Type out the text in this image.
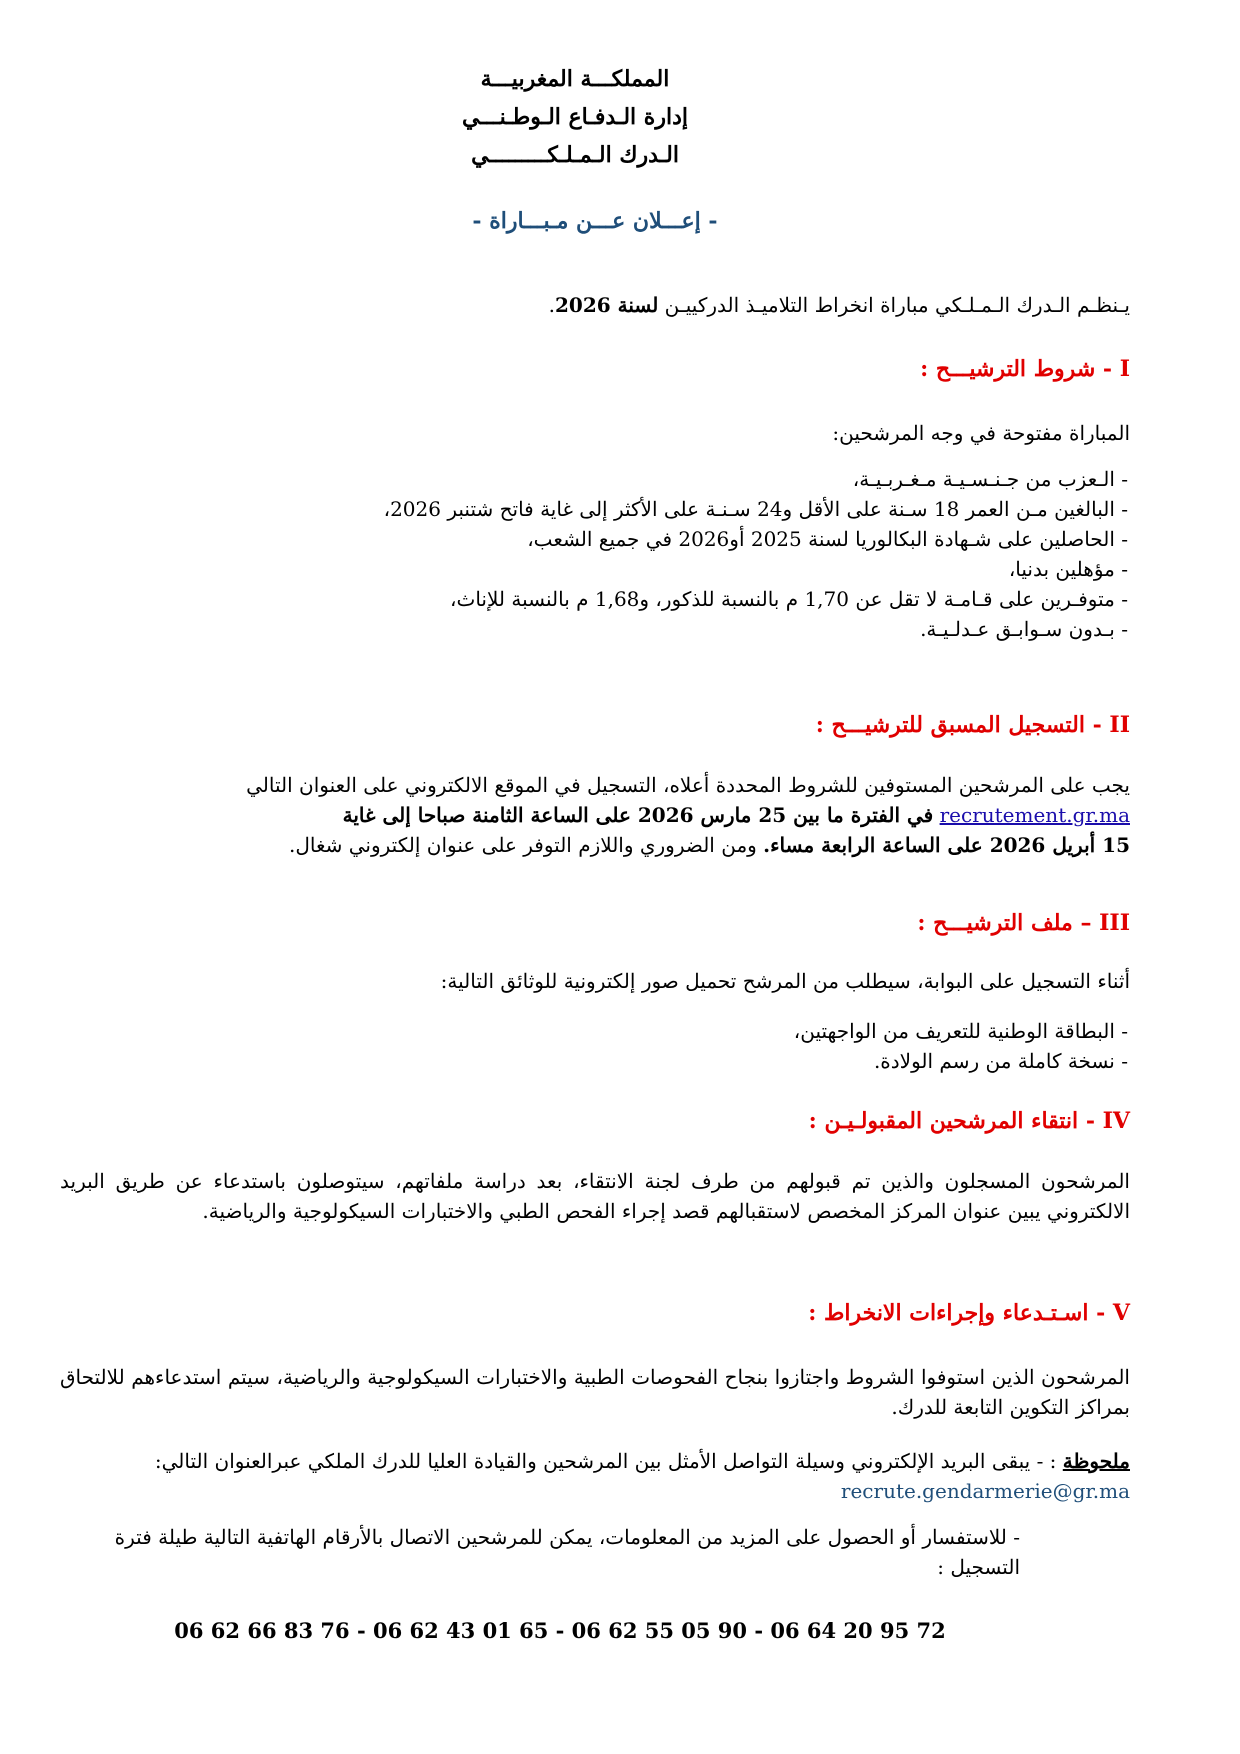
المملكـــة المغربيـــة
إدارة الـدفـاع الـوطـنـــي
الـدرك الـمـلـكـــــــــي
- إعـــلان عـــن مـبـــاراة -
يـنظـم الـدرك الـمـلـكي مباراة انخراط التلاميـذ الدركييـن لسنة 2026.
I - شروط الترشيـــح :
المباراة مفتوحة في وجه المرشحين:
- الـعزب من جـنـسـيـة مـغـربـيـة،
- البالغين مـن العمر 18 سـنة على الأقل و24 سـنـة على الأكثر إلى غاية فاتح شتنبر 2026،
- الحاصلين على شـهادة البكالوريا لسنة 2025 أو2026 في جميع الشعب،
- مؤهلين بدنيا،
- متوفـرين على قـامـة لا تقل عن 1,70 م بالنسبة للذكور، و1,68 م بالنسبة للإناث،
- بـدون سـوابـق عـدلـيـة.
II - التسجيل المسبق للترشيـــح :
يجب على المرشحين المستوفين للشروط المحددة أعلاه، التسجيل في الموقع الالكتروني على العنوان التالي
recrutement.gr.ma في الفترة ما بين 25 مارس 2026 على الساعة الثامنة صباحا إلى غاية
15 أبريل 2026 على الساعة الرابعة مساء. ومن الضروري واللازم التوفر على عنوان إلكتروني شغال.
III – ملف الترشيـــح :
أثناء التسجيل على البوابة، سيطلب من المرشح تحميل صور إلكترونية للوثائق التالية:
- البطاقة الوطنية للتعريف من الواجهتين،
- نسخة كاملة من رسم الولادة.
IV - انتقاء المرشحين المقبولـيـن :
المرشحون المسجلون والذين تم قبولهم من طرف لجنة الانتقاء، بعد دراسة ملفاتهم، سيتوصلون باستدعاء عن طريق البريد الالكتروني يبين عنوان المركز المخصص لاستقبالهم قصد إجراء الفحص الطبي والاختبارات السيكولوجية والرياضية.
V - اسـتـدعاء وإجراءات الانخراط :
المرشحون الذين استوفوا الشروط واجتازوا بنجاح الفحوصات الطبية والاختبارات السيكولوجية والرياضية، سيتم استدعاءهم للالتحاق بمراكز التكوين التابعة للدرك.
ملحوظة : - يبقى البريد الإلكتروني وسيلة التواصل الأمثل بين المرشحين والقيادة العليا للدرك الملكي عبرالعنوان التالي: recrute.gendarmerie@gr.ma
- للاستفسار أو الحصول على المزيد من المعلومات، يمكن للمرشحين الاتصال بالأرقام الهاتفية التالية طيلة فترة التسجيل :
06 62 66 83 76 - 06 62 43 01 65 - 06 62 55 05 90 - 06 64 20 95 72
